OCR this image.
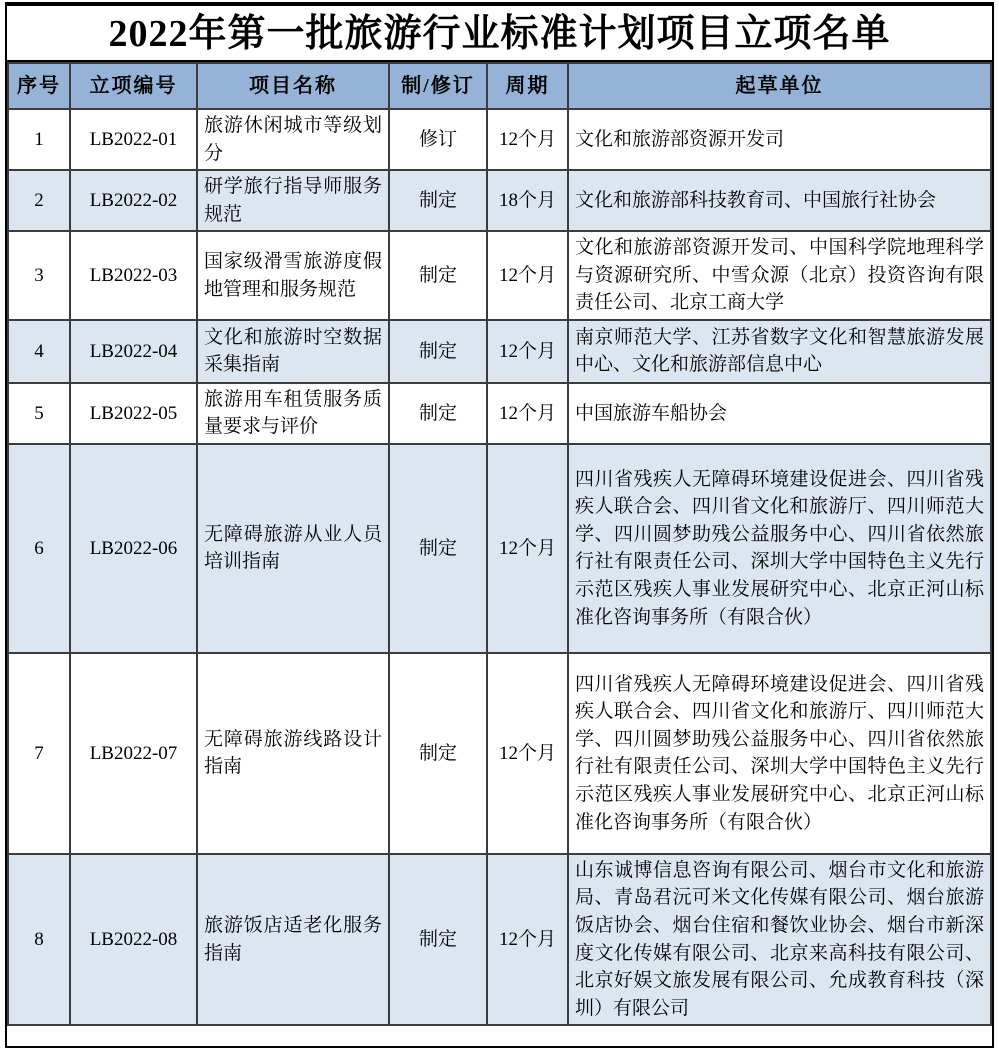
2022年第一批旅游行业标准计划项目立项名单
序号	立项编号	项目名称	制/修订	周期	起草单位
1	LB2022-01	旅游休闲城市等级划分	修订	12个月	文化和旅游部资源开发司
2	LB2022-02	研学旅行指导师服务规范	制定	18个月	文化和旅游部科技教育司、中国旅行社协会
3	LB2022-03	国家级滑雪旅游度假地管理和服务规范	制定	12个月	文化和旅游部资源开发司、中国科学院地理科学与资源研究所、中雪众源（北京）投资咨询有限责任公司、北京工商大学
4	LB2022-04	文化和旅游时空数据采集指南	制定	12个月	南京师范大学、江苏省数字文化和智慧旅游发展中心、文化和旅游部信息中心
5	LB2022-05	旅游用车租赁服务质量要求与评价	制定	12个月	中国旅游车船协会
6	LB2022-06	无障碍旅游从业人员培训指南	制定	12个月	四川省残疾人无障碍环境建设促进会、四川省残疾人联合会、四川省文化和旅游厅、四川师范大学、四川圆梦助残公益服务中心、四川省依然旅行社有限责任公司、深圳大学中国特色主义先行示范区残疾人事业发展研究中心、北京正河山标准化咨询事务所（有限合伙）
7	LB2022-07	无障碍旅游线路设计指南	制定	12个月	四川省残疾人无障碍环境建设促进会、四川省残疾人联合会、四川省文化和旅游厅、四川师范大学、四川圆梦助残公益服务中心、四川省依然旅行社有限责任公司、深圳大学中国特色主义先行示范区残疾人事业发展研究中心、北京正河山标准化咨询事务所（有限合伙）
8	LB2022-08	旅游饭店适老化服务指南	制定	12个月	山东诚博信息咨询有限公司、烟台市文化和旅游局、青岛君沅可米文化传媒有限公司、烟台旅游饭店协会、烟台住宿和餐饮业协会、烟台市新深度文化传媒有限公司、北京来高科技有限公司、北京好娱文旅发展有限公司、允成教育科技（深圳）有限公司
